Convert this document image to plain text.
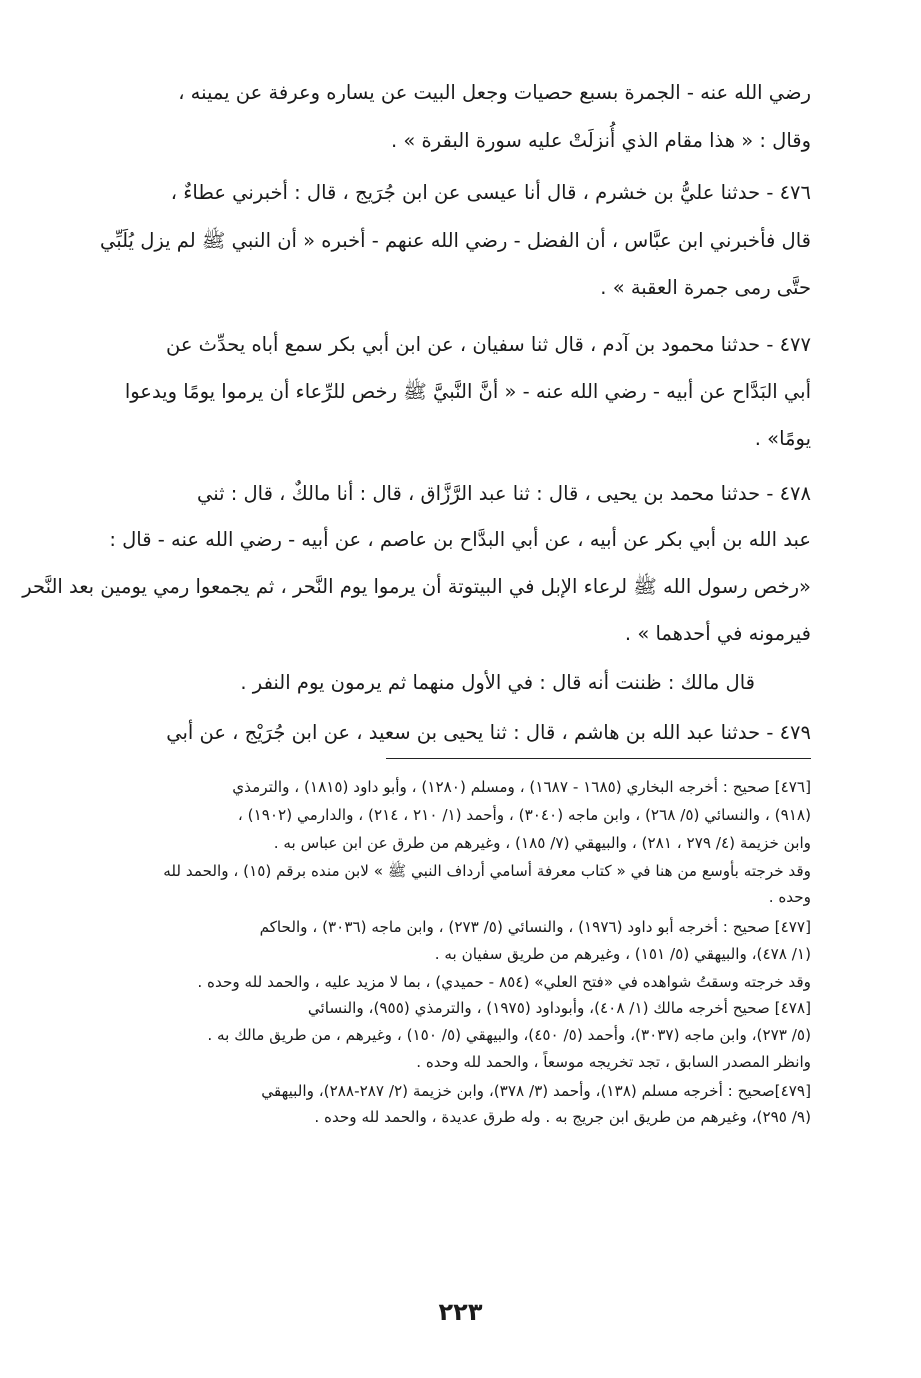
رضي الله عنه - الجمرة بسبع حصيات وجعل البيت عن يساره وعرفة عن يمينه ،
وقال : « هذا مقام الذي أُنزلَتْ عليه سورة البقرة » .
٤٧٦ - حدثنا عليُّ بن خشرم ، قال أنا عيسى عن ابن جُرَيج ، قال : أخبرني عطاءٌ ،
قال فأخبرني ابن عبَّاس ، أن الفضل - رضي الله عنهم - أخبره « أن النبي ﷺ لم يزل يُلَبِّي
حتَّى رمى جمرة العقبة » .
٤٧٧ - حدثنا محمود بن آدم ، قال ثنا سفيان ، عن ابن أبي بكر سمع أباه يحدِّث عن
أبي البَدَّاح عن أبيه - رضي الله عنه - « أنَّ النَّبيَّ ﷺ رخص للرِّعاء أن يرموا يومًا ويدعوا
يومًا» .
٤٧٨ - حدثنا محمد بن يحيى ، قال : ثنا عبد الرَّزَّاق ، قال : أنا مالكٌ ، قال : ثني
عبد الله بن أبي بكر عن أبيه ، عن أبي البدَّاح بن عاصم ، عن أبيه - رضي الله عنه - قال :
«رخص رسول الله ﷺ لرعاء الإبل في البيتوتة أن يرموا يوم النَّحر ، ثم يجمعوا رمي يومين بعد النَّحر
فيرمونه في أحدهما » .
قال مالك : ظننت أنه قال : في الأول منهما ثم يرمون يوم النفر .
٤٧٩ - حدثنا عبد الله بن هاشم ، قال : ثنا يحيى بن سعيد ، عن ابن جُرَيْج ، عن أبي
[٤٧٦] صحيح : أخرجه البخاري (١٦٨٥ - ١٦٨٧) ، ومسلم (١٢٨٠) ، وأبو داود (١٨١٥) ، والترمذي
(٩١٨) ، والنسائي (٥/ ٢٦٨) ، وابن ماجه (٣٠٤٠) ، وأحمد (١/ ٢١٠ ، ٢١٤) ، والدارمي (١٩٠٢) ،
وابن خزيمة (٤/ ٢٧٩ ، ٢٨١) ، والبيهقي (٧/ ١٨٥) ، وغيرهم من طرق عن ابن عباس به .
وقد خرجته بأوسع من هنا في « كتاب معرفة أسامي أرداف النبي ﷺ » لابن منده برقم (١٥) ، والحمد لله
وحده .
[٤٧٧] صحيح : أخرجه أبو داود (١٩٧٦) ، والنسائي (٥/ ٢٧٣) ، وابن ماجه (٣٠٣٦) ، والحاكم
(١/ ٤٧٨)، والبيهقي (٥/ ١٥١) ، وغيرهم من طريق سفيان به .
وقد خرجته وسقتُ شواهده في «فتح العلي» (٨٥٤ - حميدي) ، بما لا مزيد عليه ، والحمد لله وحده .
[٤٧٨] صحيح أخرجه مالك (١/ ٤٠٨)، وأبوداود (١٩٧٥) ، والترمذي (٩٥٥)، والنسائي
(٥/ ٢٧٣)، وابن ماجه (٣٠٣٧)، وأحمد (٥/ ٤٥٠)، والبيهقي (٥/ ١٥٠) ، وغيرهم ، من طريق مالك به .
وانظر المصدر السابق ، تجد تخريجه موسعاً ، والحمد لله وحده .
[٤٧٩]صحيح : أخرجه مسلم (١٣٨)، وأحمد (٣/ ٣٧٨)، وابن خزيمة (٢/ ٢٨٧-٢٨٨)، والبيهقي
(٩/ ٢٩٥)، وغيرهم من طريق ابن جريج به . وله طرق عديدة ، والحمد لله وحده .
٢٢٣
